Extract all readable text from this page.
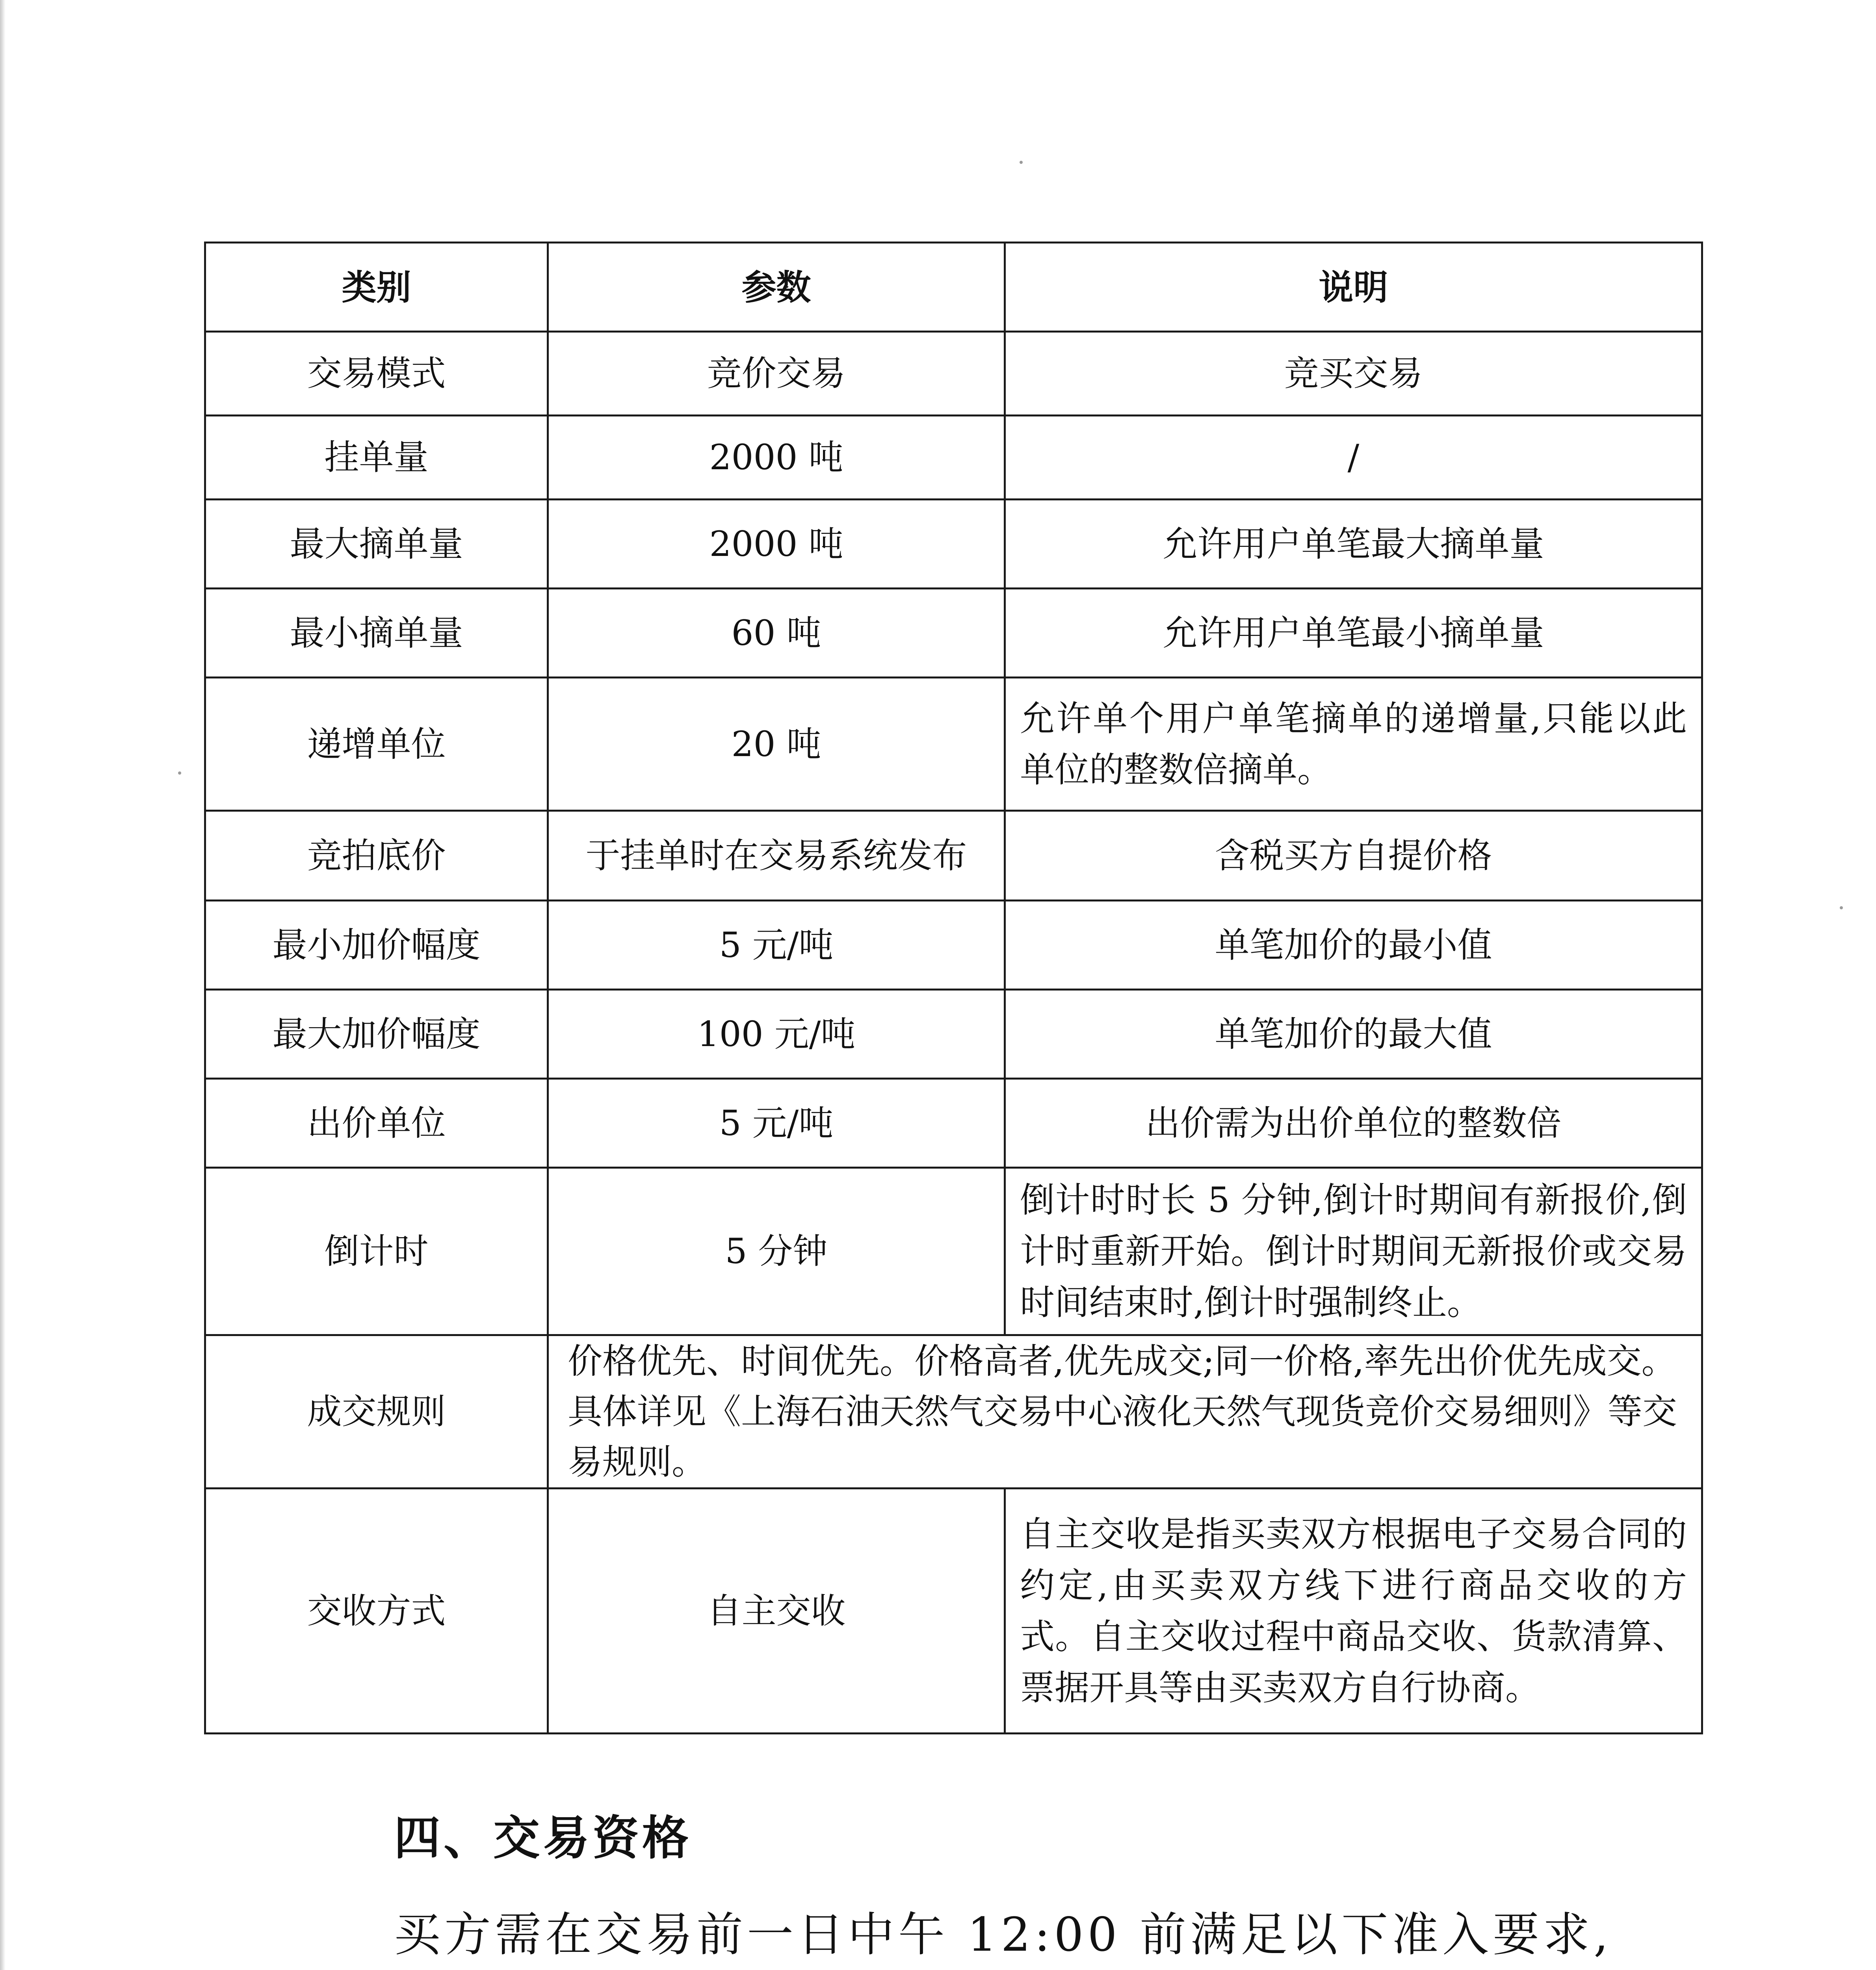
类别	参数	说明
交易模式	竞价交易	竞买交易
挂单量	2000 吨	/
最大摘单量	2000 吨	允许用户单笔最大摘单量
最小摘单量	60 吨	允许用户单笔最小摘单量
递增单位	20 吨	允许单个用户单笔摘单的递增量,只能以此单位的整数倍摘单。
竞拍底价	于挂单时在交易系统发布	含税买方自提价格
最小加价幅度	5 元/吨	单笔加价的最小值
最大加价幅度	100 元/吨	单笔加价的最大值
出价单位	5 元/吨	出价需为出价单位的整数倍
倒计时	5 分钟	倒计时时长 5 分钟,倒计时期间有新报价,倒计时重新开始。倒计时期间无新报价或交易时间结束时,倒计时强制终止。
成交规则	价格优先、时间优先。价格高者,优先成交;同一价格,率先出价优先成交。具体详见《上海石油天然气交易中心液化天然气现货竞价交易细则》等交易规则。	
交收方式	自主交收	自主交收是指买卖双方根据电子交易合同的约定,由买卖双方线下进行商品交收的方式。自主交收过程中商品交收、货款清算、票据开具等由买卖双方自行协商。
四、交易资格
买方需在交易前一日中午 12:00 前满足以下准入要求,
